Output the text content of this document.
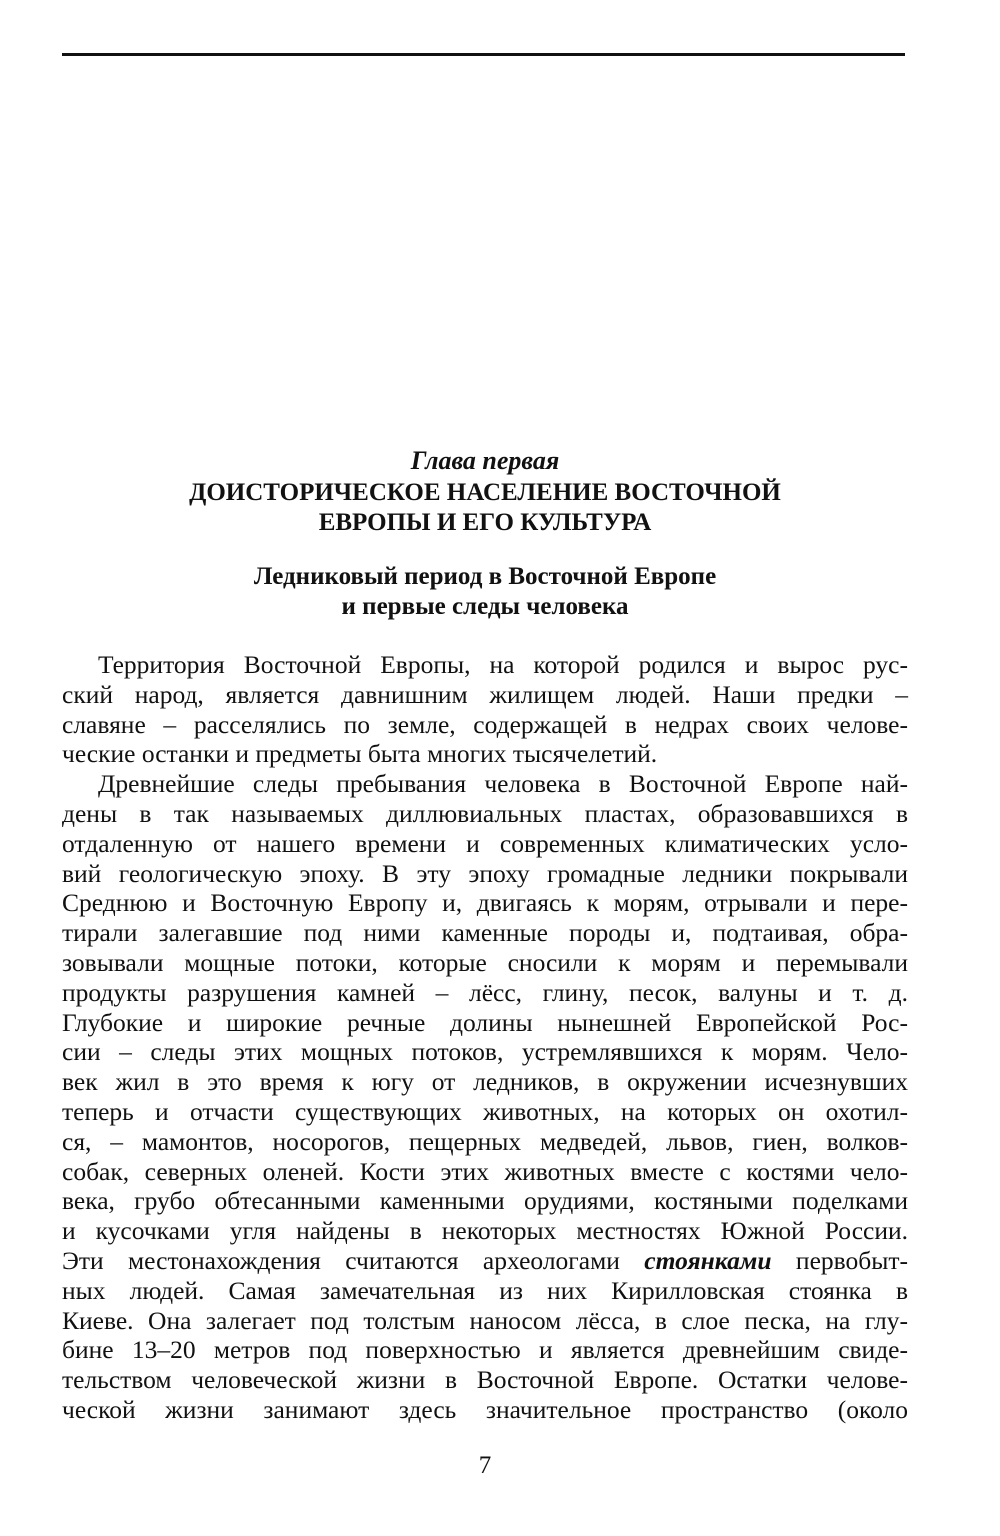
Глава первая
ДОИСТОРИЧЕСКОЕ НАСЕЛЕНИЕ ВОСТОЧНОЙ
ЕВРОПЫ И ЕГО КУЛЬТУРА
Ледниковый период в Восточной Европе
и первые следы человека
Территория Восточной Европы, на которой родился и вырос рус-
ский народ, является давнишним жилищем людей. Наши предки –
славяне – расселялись по земле, содержащей в недрах своих челове-
ческие останки и предметы быта многих тысячелетий.
Древнейшие следы пребывания человека в Восточной Европе най-
дены в так называемых диллювиальных пластах, образовавшихся в
отдаленную от нашего времени и современных климатических усло-
вий геологическую эпоху. В эту эпоху громадные ледники покрывали
Среднюю и Восточную Европу и, двигаясь к морям, отрывали и пере-
тирали залегавшие под ними каменные породы и, подтаивая, обра-
зовывали мощные потоки, которые сносили к морям и перемывали
продукты разрушения камней – лёсс, глину, песок, валуны и т. д.
Глубокие и широкие речные долины нынешней Европейской Рос-
сии – следы этих мощных потоков, устремлявшихся к морям. Чело-
век жил в это время к югу от ледников, в окружении исчезнувших
теперь и отчасти существующих животных, на которых он охотил-
ся, – мамонтов, носорогов, пещерных медведей, львов, гиен, волков-
собак, северных оленей. Кости этих животных вместе с костями чело-
века, грубо обтесанными каменными орудиями, костяными поделками
и кусочками угля найдены в некоторых местностях Южной России.
Эти местонахождения считаются археологами стоянками первобыт-
ных людей. Самая замечательная из них Кирилловская стоянка в
Киеве. Она залегает под толстым наносом лёсса, в слое песка, на глу-
бине 13–20 метров под поверхностью и является древнейшим свиде-
тельством человеческой жизни в Восточной Европе. Остатки челове-
ческой жизни занимают здесь значительное пространство (около
7
